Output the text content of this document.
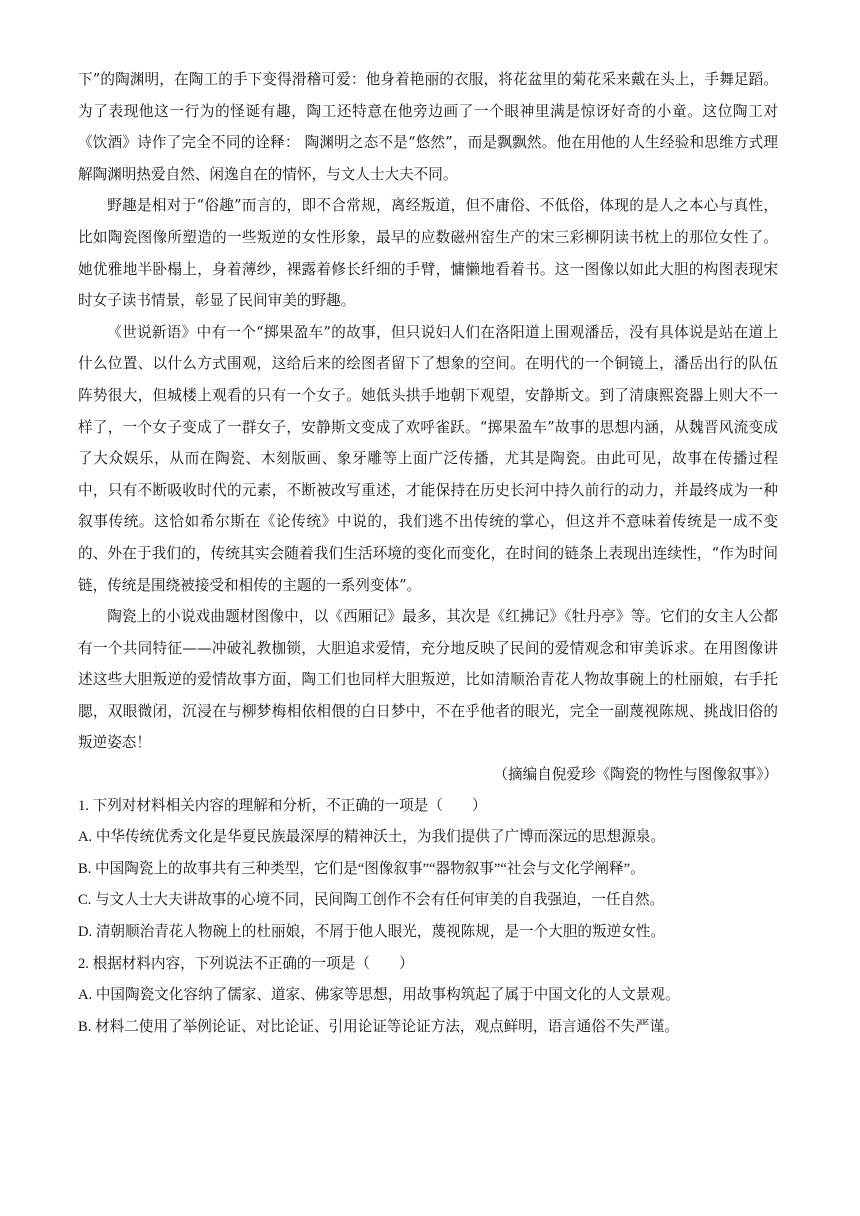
下”的陶渊明，在陶工的手下变得滑稽可爱：他身着艳丽的衣服，将花盆里的菊花采来戴在头上，手舞足蹈。为了表现他这一行为的怪诞有趣，陶工还特意在他旁边画了一个眼神里满是惊讶好奇的小童。这位陶工对《饮酒》诗作了完全不同的诠释： 陶渊明之态不是“悠然”，而是飘飘然。他在用他的人生经验和思维方式理解陶渊明热爱自然、闲逸自在的情怀，与文人士大夫不同。

野趣是相对于“俗趣”而言的，即不合常规，离经叛道，但不庸俗、不低俗，体现的是人之本心与真性，比如陶瓷图像所塑造的一些叛逆的女性形象，最早的应数磁州窑生产的宋三彩柳阴读书枕上的那位女性了。她优雅地半卧榻上，身着薄纱，裸露着修长纤细的手臂，慵懒地看着书。这一图像以如此大胆的构图表现宋时女子读书情景，彰显了民间审美的野趣。

《世说新语》中有一个“掷果盈车”的故事，但只说妇人们在洛阳道上围观潘岳，没有具体说是站在道上什么位置、以什么方式围观，这给后来的绘图者留下了想象的空间。在明代的一个铜镜上，潘岳出行的队伍阵势很大，但城楼上观看的只有一个女子。她低头拱手地朝下观望，安静斯文。到了清康熙瓷器上则大不一样了，一个女子变成了一群女子，安静斯文变成了欢呼雀跃。“掷果盈车”故事的思想内涵，从魏晋风流变成了大众娱乐，从而在陶瓷、木刻版画、象牙雕等上面广泛传播，尤其是陶瓷。由此可见，故事在传播过程中，只有不断吸收时代的元素，不断被改写重述，才能保持在历史长河中持久前行的动力，并最终成为一种叙事传统。这恰如希尔斯在《论传统》中说的，我们逃不出传统的掌心，但这并不意味着传统是一成不变的、外在于我们的，传统其实会随着我们生活环境的变化而变化，在时间的链条上表现出连续性，“作为时间链，传统是围绕被接受和相传的主题的一系列变体”。

陶瓷上的小说戏曲题材图像中，以《西厢记》最多，其次是《红拂记》《牡丹亭》等。它们的女主人公都有一个共同特征——冲破礼教枷锁，大胆追求爱情，充分地反映了民间的爱情观念和审美诉求。在用图像讲述这些大胆叛逆的爱情故事方面，陶工们也同样大胆叛逆，比如清顺治青花人物故事碗上的杜丽娘，右手托腮，双眼微闭，沉浸在与柳梦梅相依相偎的白日梦中，不在乎他者的眼光，完全一副蔑视陈规、挑战旧俗的叛逆姿态！

（摘编自倪爱珍《陶瓷的物性与图像叙事》）

1. 下列对材料相关内容的理解和分析，不正确的一项是（　　）

A. 中华传统优秀文化是华夏民族最深厚的精神沃土，为我们提供了广博而深远的思想源泉。

B. 中国陶瓷上的故事共有三种类型，它们是“图像叙事”“器物叙事”“社会与文化学阐释”。

C. 与文人士大夫讲故事的心境不同，民间陶工创作不会有任何审美的自我强迫，一任自然。

D. 清朝顺治青花人物碗上的杜丽娘，不屑于他人眼光，蔑视陈规，是一个大胆的叛逆女性。

2. 根据材料内容，下列说法不正确的一项是（　　）

A. 中国陶瓷文化容纳了儒家、道家、佛家等思想，用故事构筑起了属于中国文化的人文景观。

B. 材料二使用了举例论证、对比论证、引用论证等论证方法，观点鲜明，语言通俗不失严谨。
